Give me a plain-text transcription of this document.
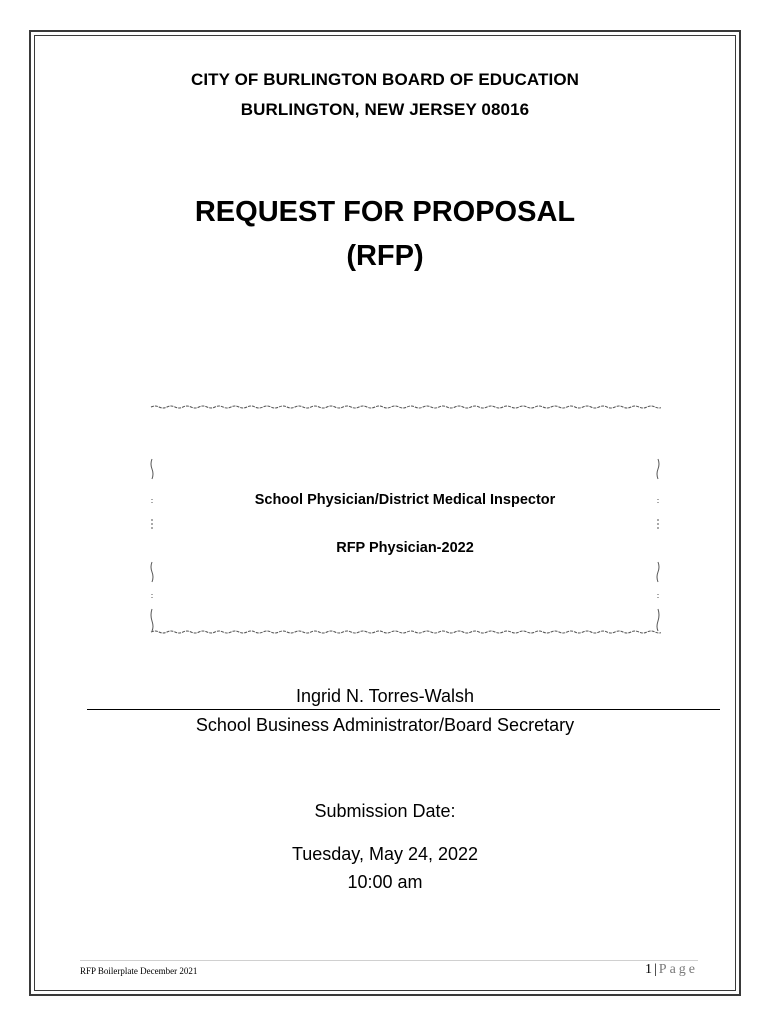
CITY OF BURLINGTON BOARD OF EDUCATION
BURLINGTON, NEW JERSEY 08016
REQUEST FOR PROPOSAL
(RFP)
School Physician/District Medical Inspector
RFP Physician-2022
Ingrid N. Torres-Walsh
School Business Administrator/Board Secretary
Submission Date:
Tuesday, May 24, 2022
10:00 am
RFP Boilerplate December 2021	1 | Page
